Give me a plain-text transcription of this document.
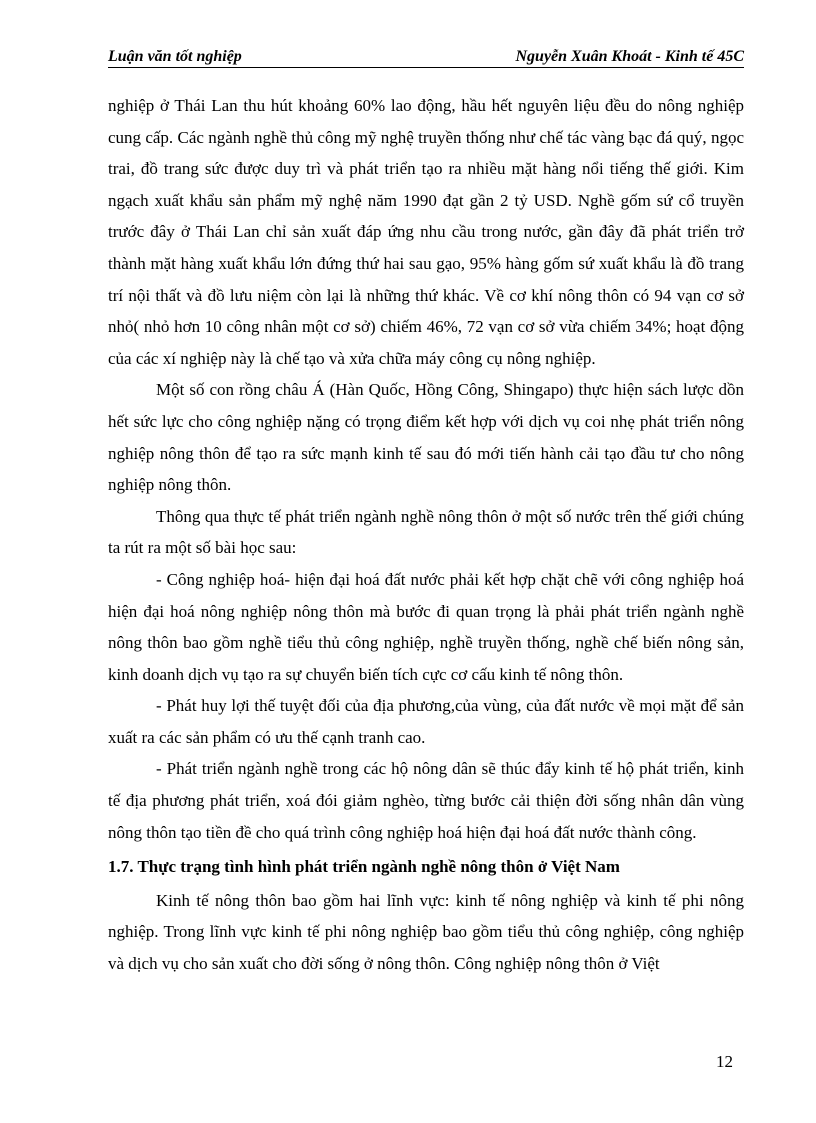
Luận văn tốt nghiệp	Nguyễn Xuân Khoát - Kinh tế 45C

nghiệp ở Thái Lan thu hút khoảng 60% lao động, hầu hết nguyên liệu đều do nông nghiệp cung cấp. Các ngành nghề thủ công mỹ nghệ truyền thống như chế tác vàng bạc đá quý, ngọc trai, đồ trang sức được duy trì và phát triển tạo ra nhiều mặt hàng nổi tiếng thế giới. Kim ngạch xuất khẩu sản phẩm mỹ nghệ năm 1990 đạt gần 2 tỷ USD. Nghề gốm sứ cổ truyền trước đây ở Thái Lan chỉ sản xuất đáp ứng nhu cầu trong nước, gần đây đã phát triển trở thành mặt hàng xuất khẩu lớn đứng thứ hai sau gạo, 95% hàng gốm sứ xuất khẩu là đồ trang trí nội thất và đồ lưu niệm còn lại là những thứ khác. Về cơ khí nông thôn có 94 vạn cơ sở nhỏ( nhỏ hơn 10 công nhân một cơ sở) chiếm 46%, 72 vạn cơ sở vừa chiếm 34%; hoạt động của các xí nghiệp này là chế tạo và xửa chữa máy công cụ nông nghiệp.

Một số con rồng châu Á (Hàn Quốc, Hồng Công, Shingapo) thực hiện sách lược dồn hết sức lực cho công nghiệp nặng có trọng điểm kết hợp với dịch vụ coi nhẹ phát triển nông nghiệp nông thôn để tạo ra sức mạnh kinh tế sau đó mới tiến hành cải tạo đầu tư cho nông nghiệp nông thôn.

Thông qua thực tế phát triển ngành nghề nông thôn ở một số nước trên thế giới chúng ta rút ra một số bài học sau:

- Công nghiệp hoá- hiện đại hoá đất nước phải kết hợp chặt chẽ với công nghiệp hoá hiện đại hoá nông nghiệp nông thôn mà bước đi quan trọng là phải phát triển ngành nghề nông thôn bao gồm nghề tiểu thủ công nghiệp, nghề truyền thống, nghề chế biến nông sản, kinh doanh dịch vụ tạo ra sự chuyển biến tích cực cơ cấu kinh tế nông thôn.

- Phát huy lợi thế tuyệt đối của địa phương,của vùng, của đất nước về mọi mặt để sản xuất ra các sản phẩm có ưu thế cạnh tranh cao.

- Phát triển ngành nghề trong các hộ nông dân sẽ thúc đẩy kinh tế hộ phát triển, kinh tế địa phương phát triển, xoá đói giảm nghèo, từng bước cải thiện đời sống nhân dân vùng nông thôn tạo tiền đề cho quá trình công nghiệp hoá hiện đại hoá đất nước thành công.

1.7. Thực trạng tình hình phát triển ngành nghề nông thôn ở Việt Nam

Kinh tế nông thôn bao gồm hai lĩnh vực: kinh tế nông nghiệp và kinh tế phi nông nghiệp. Trong lĩnh vực kinh tế phi nông nghiệp bao gồm tiểu thủ công nghiệp, công nghiệp và dịch vụ cho sản xuất cho đời sống ở nông thôn. Công nghiệp nông thôn ở Việt

12
